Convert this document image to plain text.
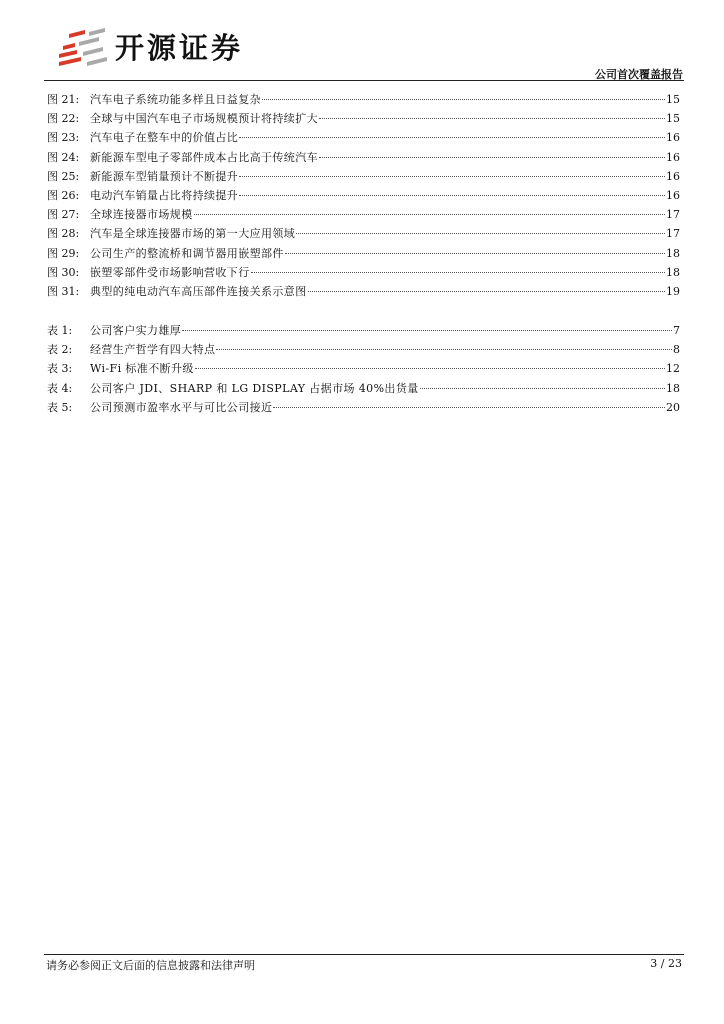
开源证券
公司首次覆盖报告
图 21: 汽车电子系统功能多样且日益复杂	15
图 22: 全球与中国汽车电子市场规模预计将持续扩大	15
图 23: 汽车电子在整车中的价值占比	16
图 24: 新能源车型电子零部件成本占比高于传统汽车	16
图 25: 新能源车型销量预计不断提升	16
图 26: 电动汽车销量占比将持续提升	16
图 27: 全球连接器市场规模	17
图 28: 汽车是全球连接器市场的第一大应用领域	17
图 29: 公司生产的整流桥和调节器用嵌塑部件	18
图 30: 嵌塑零部件受市场影响营收下行	18
图 31: 典型的纯电动汽车高压部件连接关系示意图	19
表 1:	公司客户实力雄厚	7
表 2:	经营生产哲学有四大特点	8
表 3:	Wi-Fi 标准不断升级	12
表 4:	公司客户 JDI、SHARP 和 LG DISPLAY 占据市场 40%出货量	18
表 5:	公司预测市盈率水平与可比公司接近	20
请务必参阅正文后面的信息披露和法律声明	3 / 23
